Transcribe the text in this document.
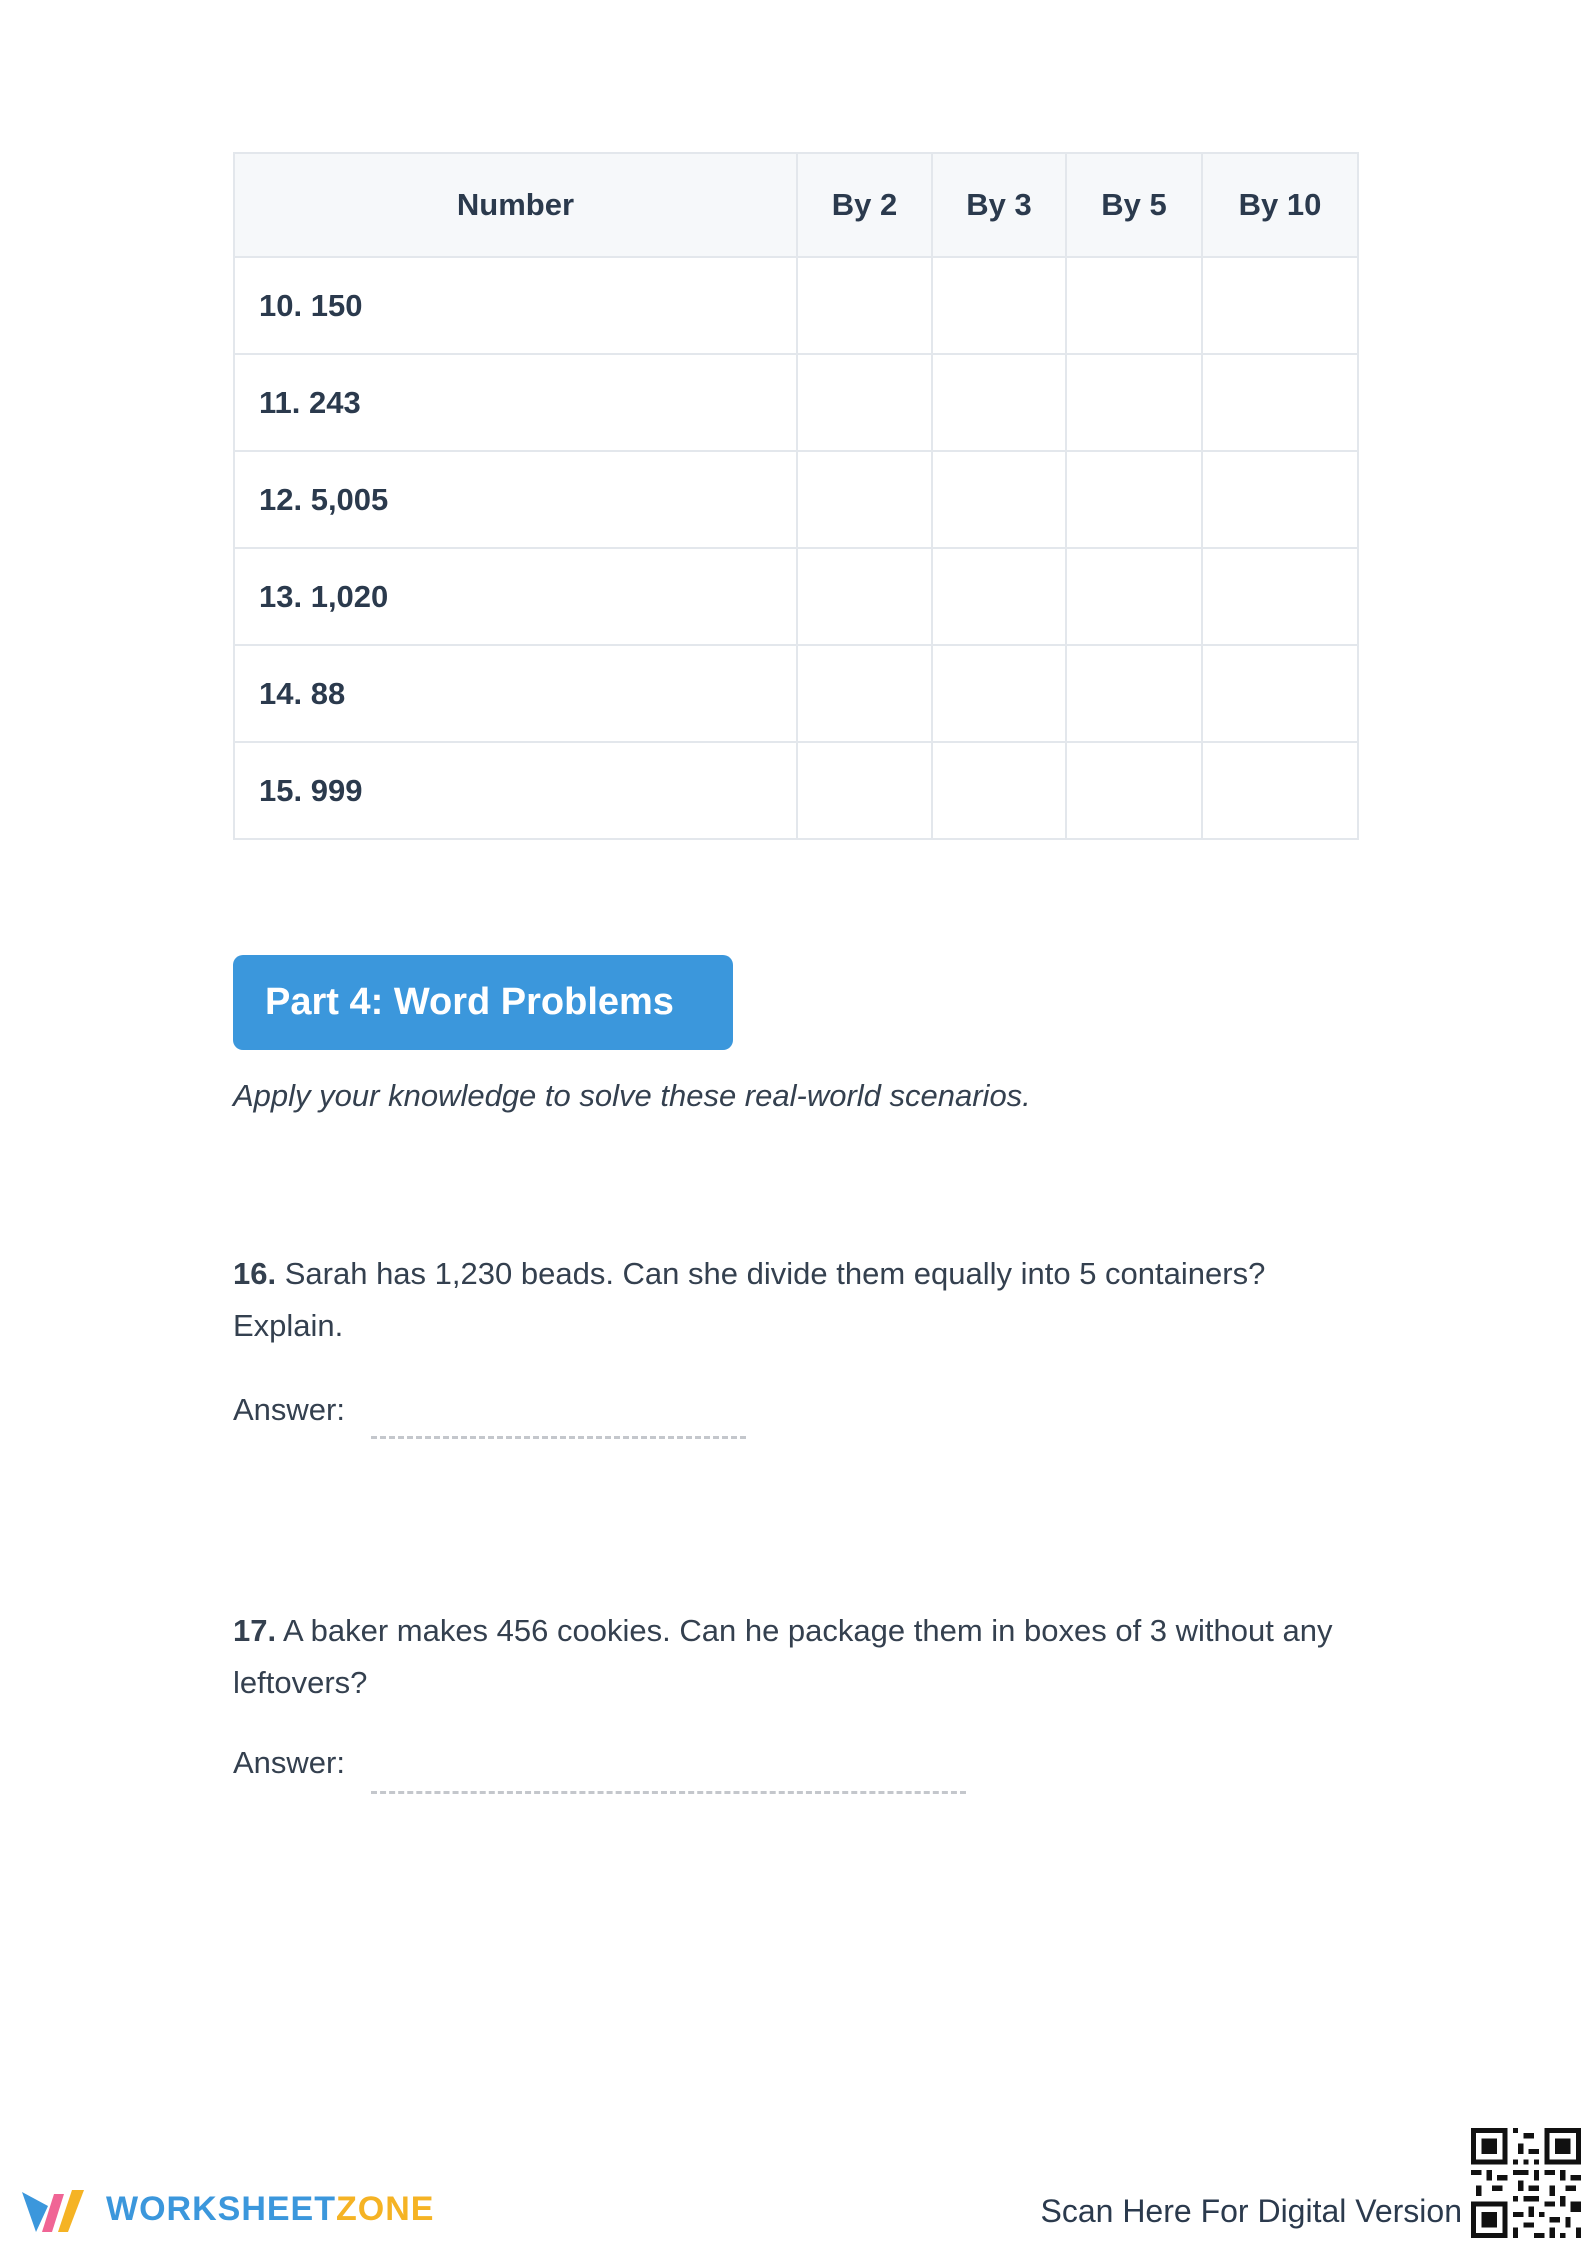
Number	By 2	By 3	By 5	By 10
10. 150				
11. 243				
12. 5,005				
13. 1,020				
14. 88				
15. 999				
Part 4: Word Problems
Apply your knowledge to solve these real-world scenarios.
16. Sarah has 1,230 beads. Can she divide them equally into 5 containers? Explain.
Answer:
17. A baker makes 456 cookies. Can he package them in boxes of 3 without any leftovers?
Answer:
WORKSHEETZONE	Scan Here For Digital Version
